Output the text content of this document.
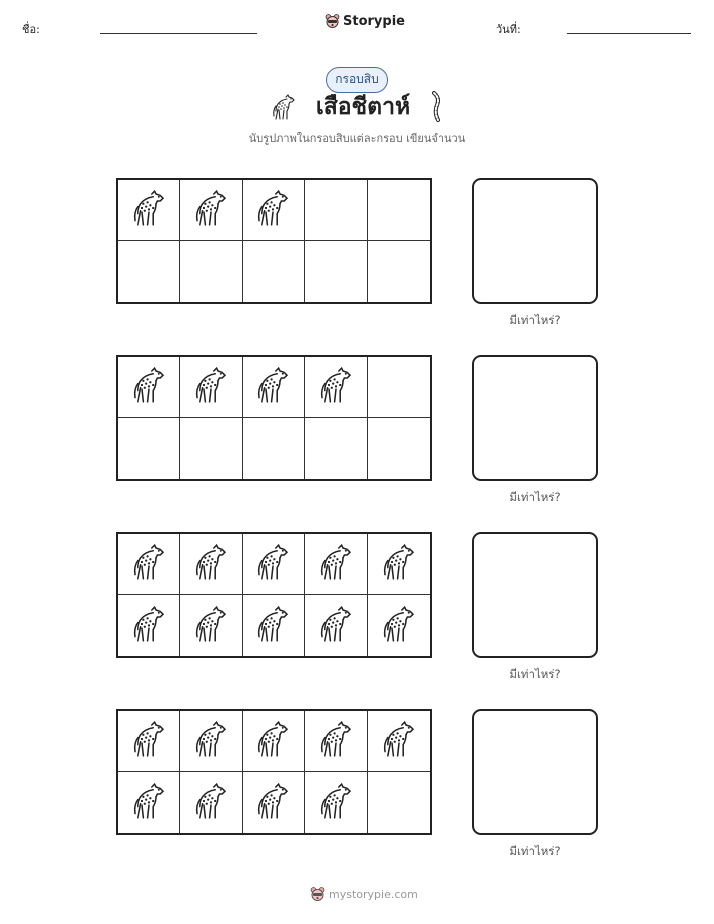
ชื่อ:
Storypie
วันที่:
กรอบสิบ
เสือชีตาห์
นับรูปภาพในกรอบสิบแต่ละกรอบ เขียนจำนวน
มีเท่าไหร่?
มีเท่าไหร่?
มีเท่าไหร่?
มีเท่าไหร่?
mystorypie.com
